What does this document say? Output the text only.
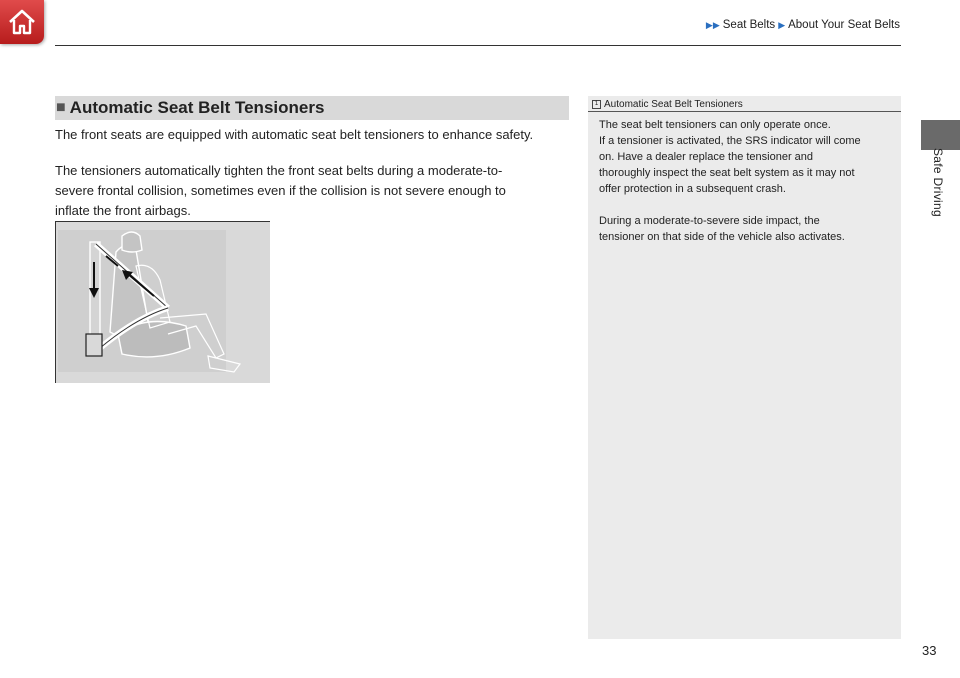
▶▶ Seat Belts ▶ About Your Seat Belts
Safe Driving
■ Automatic Seat Belt Tensioners

The front seats are equipped with automatic seat belt tensioners to enhance safety.

The tensioners automatically tighten the front seat belts during a moderate-to-

severe frontal collision, sometimes even if the collision is not severe enough to

inflate the front airbags.

1 Automatic Seat Belt Tensioners

The seat belt tensioners can only operate once.

If a tensioner is activated, the SRS indicator will come

on. Have a dealer replace the tensioner and

thoroughly inspect the seat belt system as it may not

offer protection in a subsequent crash.

During a moderate-to-severe side impact, the

tensioner on that side of the vehicle also activates.

33
